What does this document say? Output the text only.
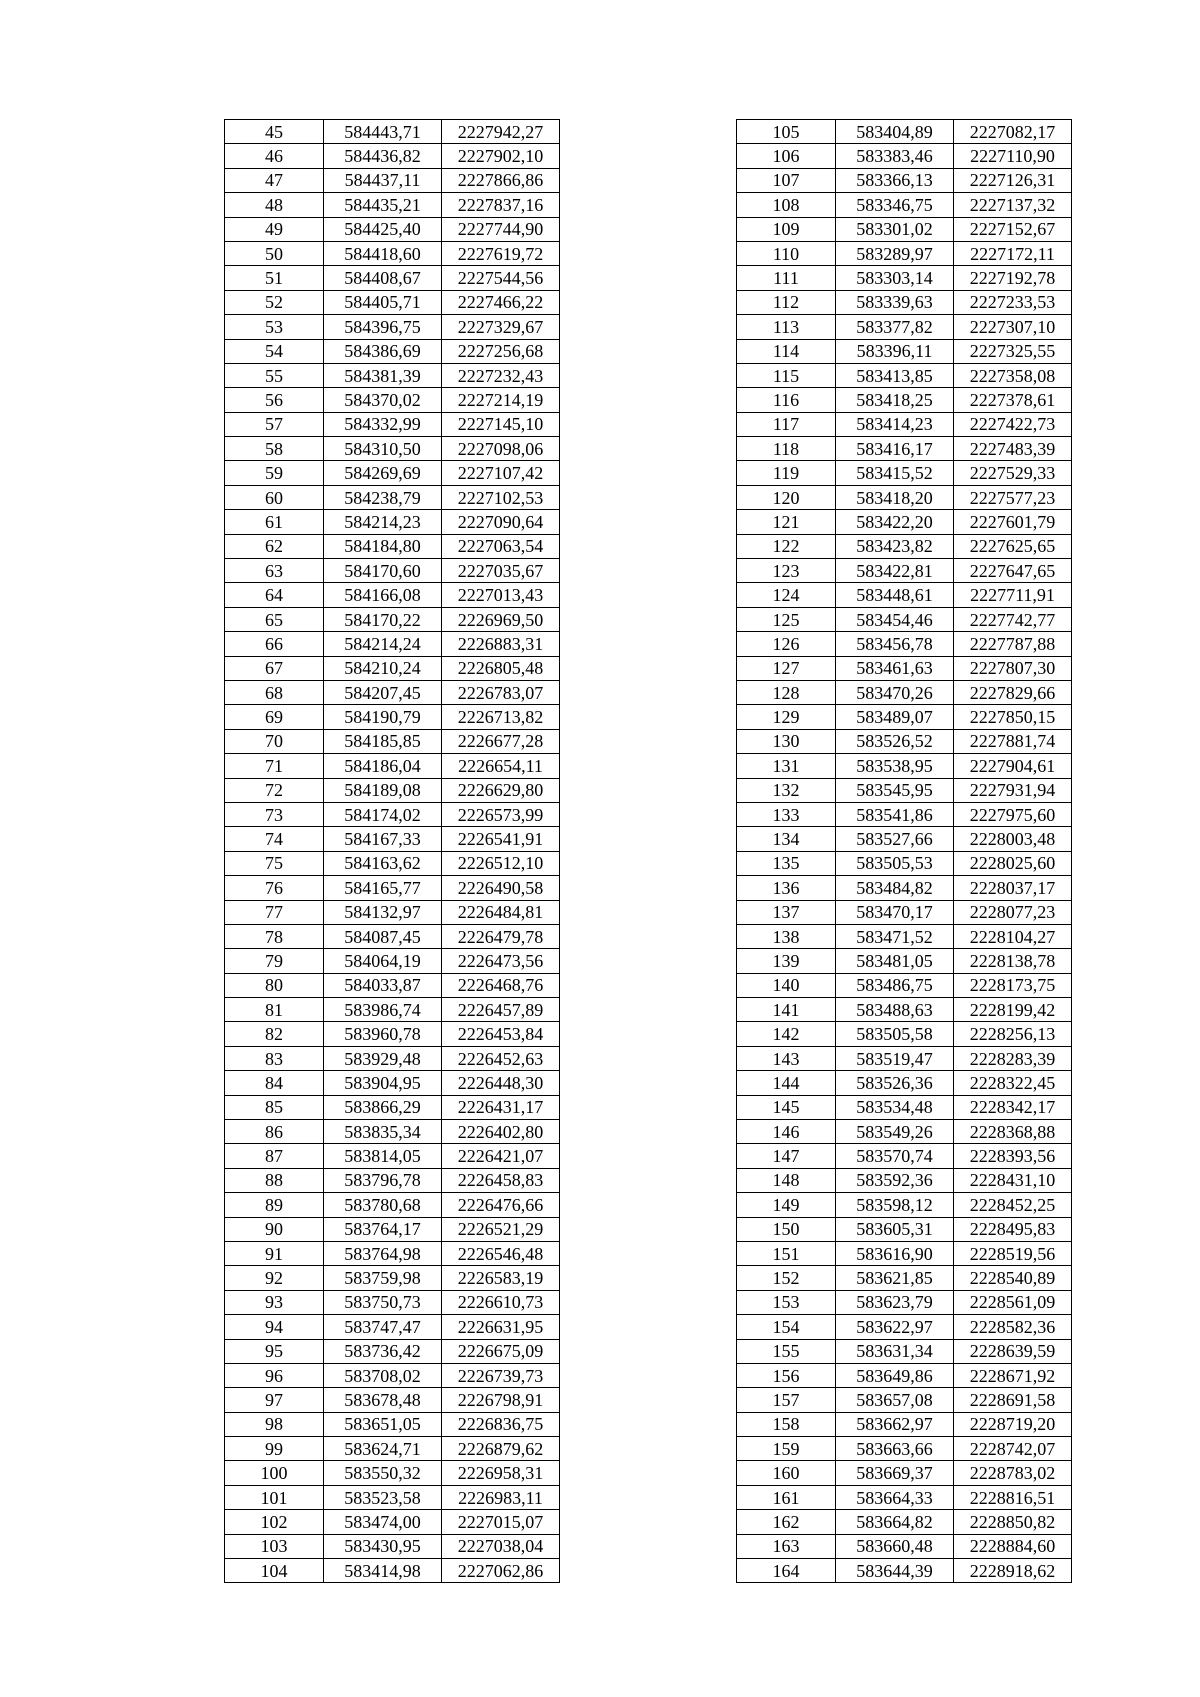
45	584443,71	2227942,27
46	584436,82	2227902,10
47	584437,11	2227866,86
48	584435,21	2227837,16
49	584425,40	2227744,90
50	584418,60	2227619,72
51	584408,67	2227544,56
52	584405,71	2227466,22
53	584396,75	2227329,67
54	584386,69	2227256,68
55	584381,39	2227232,43
56	584370,02	2227214,19
57	584332,99	2227145,10
58	584310,50	2227098,06
59	584269,69	2227107,42
60	584238,79	2227102,53
61	584214,23	2227090,64
62	584184,80	2227063,54
63	584170,60	2227035,67
64	584166,08	2227013,43
65	584170,22	2226969,50
66	584214,24	2226883,31
67	584210,24	2226805,48
68	584207,45	2226783,07
69	584190,79	2226713,82
70	584185,85	2226677,28
71	584186,04	2226654,11
72	584189,08	2226629,80
73	584174,02	2226573,99
74	584167,33	2226541,91
75	584163,62	2226512,10
76	584165,77	2226490,58
77	584132,97	2226484,81
78	584087,45	2226479,78
79	584064,19	2226473,56
80	584033,87	2226468,76
81	583986,74	2226457,89
82	583960,78	2226453,84
83	583929,48	2226452,63
84	583904,95	2226448,30
85	583866,29	2226431,17
86	583835,34	2226402,80
87	583814,05	2226421,07
88	583796,78	2226458,83
89	583780,68	2226476,66
90	583764,17	2226521,29
91	583764,98	2226546,48
92	583759,98	2226583,19
93	583750,73	2226610,73
94	583747,47	2226631,95
95	583736,42	2226675,09
96	583708,02	2226739,73
97	583678,48	2226798,91
98	583651,05	2226836,75
99	583624,71	2226879,62
100	583550,32	2226958,31
101	583523,58	2226983,11
102	583474,00	2227015,07
103	583430,95	2227038,04
104	583414,98	2227062,86
105	583404,89	2227082,17
106	583383,46	2227110,90
107	583366,13	2227126,31
108	583346,75	2227137,32
109	583301,02	2227152,67
110	583289,97	2227172,11
111	583303,14	2227192,78
112	583339,63	2227233,53
113	583377,82	2227307,10
114	583396,11	2227325,55
115	583413,85	2227358,08
116	583418,25	2227378,61
117	583414,23	2227422,73
118	583416,17	2227483,39
119	583415,52	2227529,33
120	583418,20	2227577,23
121	583422,20	2227601,79
122	583423,82	2227625,65
123	583422,81	2227647,65
124	583448,61	2227711,91
125	583454,46	2227742,77
126	583456,78	2227787,88
127	583461,63	2227807,30
128	583470,26	2227829,66
129	583489,07	2227850,15
130	583526,52	2227881,74
131	583538,95	2227904,61
132	583545,95	2227931,94
133	583541,86	2227975,60
134	583527,66	2228003,48
135	583505,53	2228025,60
136	583484,82	2228037,17
137	583470,17	2228077,23
138	583471,52	2228104,27
139	583481,05	2228138,78
140	583486,75	2228173,75
141	583488,63	2228199,42
142	583505,58	2228256,13
143	583519,47	2228283,39
144	583526,36	2228322,45
145	583534,48	2228342,17
146	583549,26	2228368,88
147	583570,74	2228393,56
148	583592,36	2228431,10
149	583598,12	2228452,25
150	583605,31	2228495,83
151	583616,90	2228519,56
152	583621,85	2228540,89
153	583623,79	2228561,09
154	583622,97	2228582,36
155	583631,34	2228639,59
156	583649,86	2228671,92
157	583657,08	2228691,58
158	583662,97	2228719,20
159	583663,66	2228742,07
160	583669,37	2228783,02
161	583664,33	2228816,51
162	583664,82	2228850,82
163	583660,48	2228884,60
164	583644,39	2228918,62
